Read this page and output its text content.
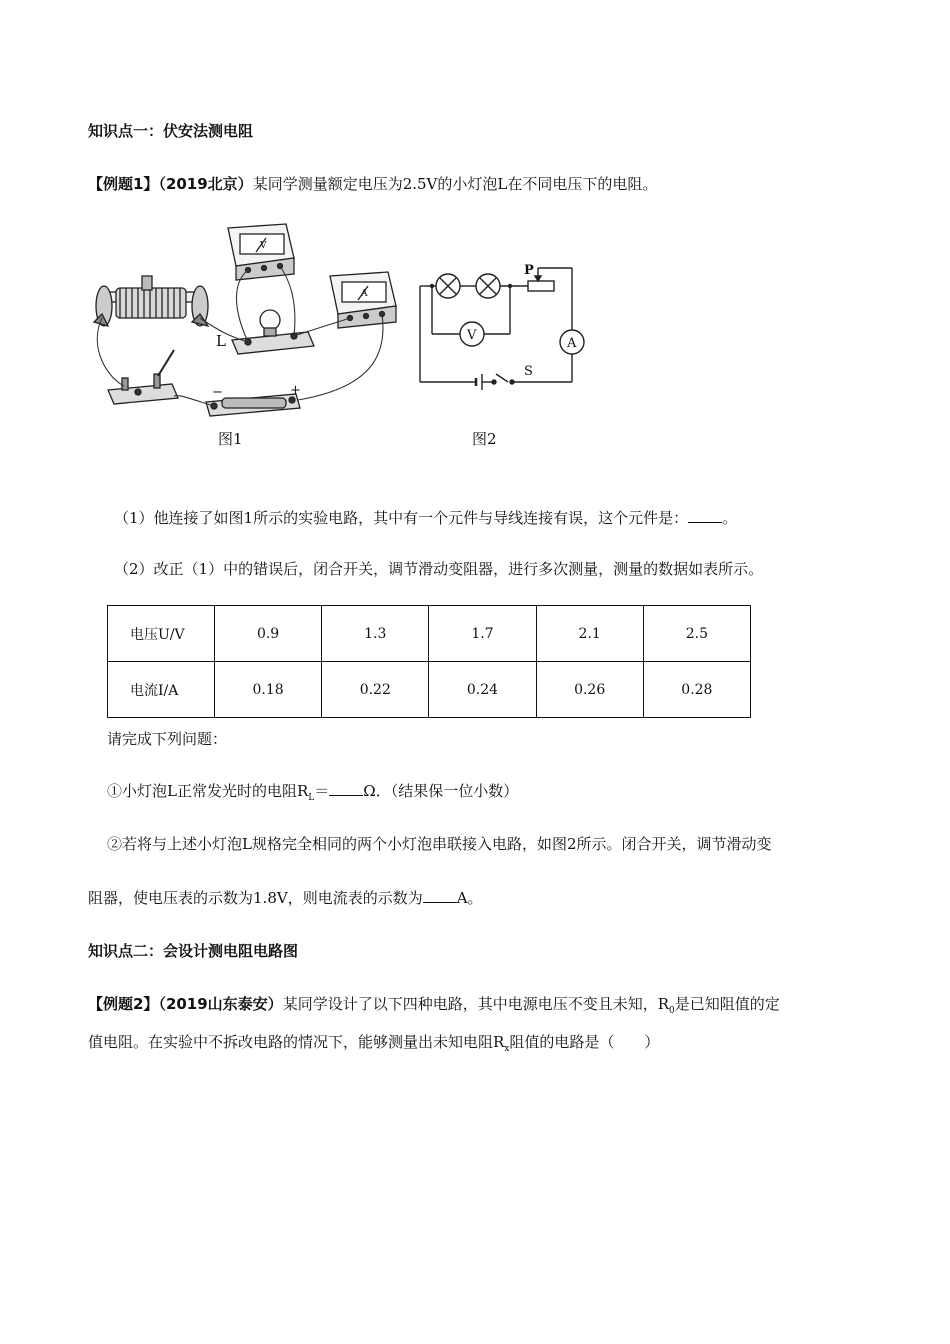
知识点一：伏安法测电阻
【例题1】（2019北京）某同学测量额定电压为2.5V的小灯泡L在不同电压下的电阻。
L
V
A
−	+
图1
P
S
V
A
图2
（1）他连接了如图1所示的实验电路，其中有一个元件与导线连接有误，这个元件是： 。
（2）改正（1）中的错误后，闭合开关，调节滑动变阻器，进行多次测量，测量的数据如表所示。
电压U/V	0.9	1.3	1.7	2.1	2.5
电流I/A	0.18	0.22	0.24	0.26	0.28
请完成下列问题：
①小灯泡L正常发光时的电阻$R_L= \Omega$．（结果保一位小数）
②若将与上述小灯泡L规格完全相同的两个小灯泡串联接入电路，如图2所示。闭合开关，调节滑动变
阻器，使电压表的示数为1.8V，则电流表的示数为 A。
知识点二：会设计测电阻电路图
【例题2】（2019山东泰安）某同学设计了以下四种电路，其中电源电压不变且未知，$R_0$是已知阻值的定
值电阻。在实验中不拆改电路的情况下，能够测量出未知电阻$R_x$阻值的电路是（　　）
